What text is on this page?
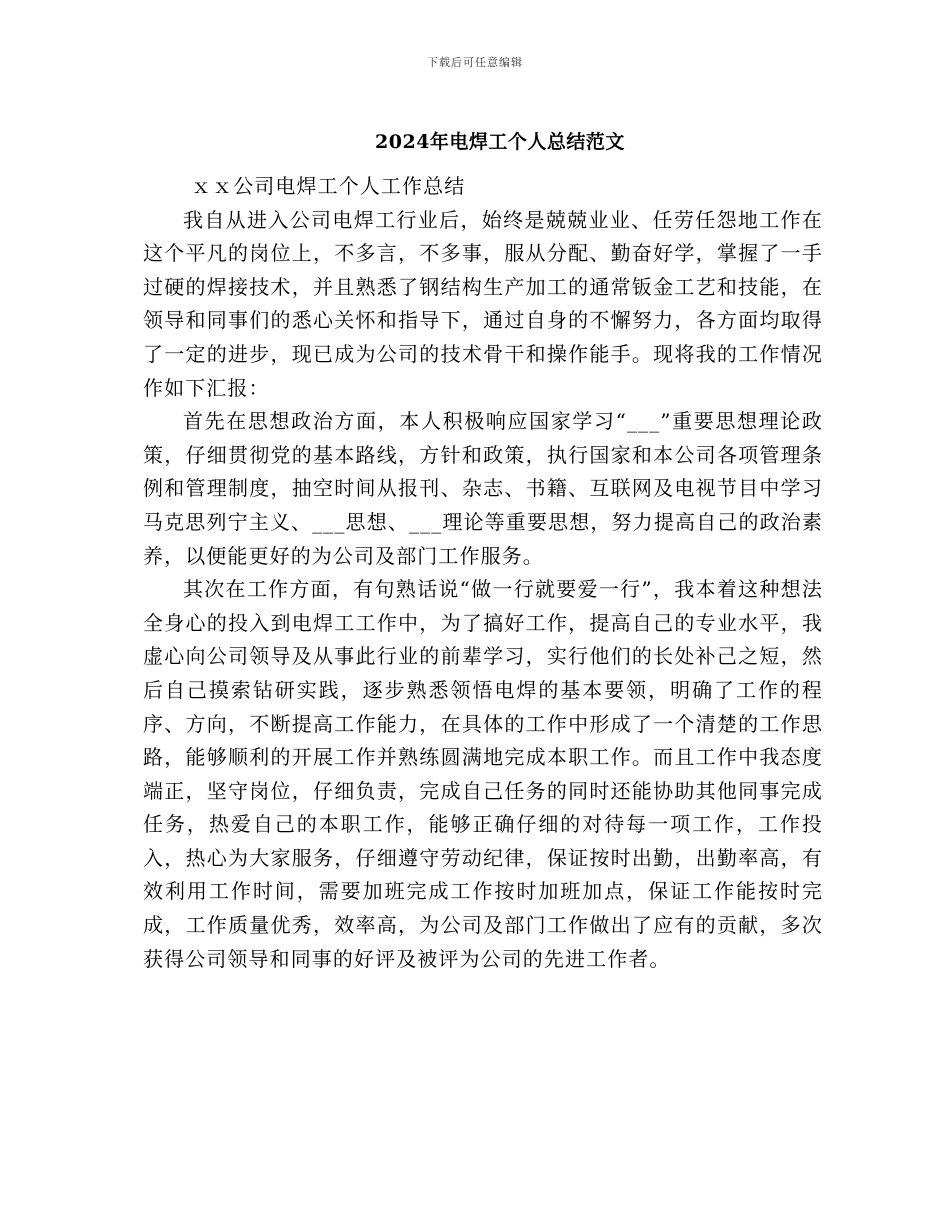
下载后可任意编辑
2024年电焊工个人总结范文

ｘｘ公司电焊工个人工作总结

我自从进入公司电焊工行业后，始终是兢兢业业、任劳任怨地工作在这个平凡的岗位上，不多言，不多事，服从分配、勤奋好学，掌握了一手过硬的焊接技术，并且熟悉了钢结构生产加工的通常钣金工艺和技能，在领导和同事们的悉心关怀和指导下，通过自身的不懈努力，各方面均取得了一定的进步，现已成为公司的技术骨干和操作能手。现将我的工作情况作如下汇报：

首先在思想政治方面，本人积极响应国家学习“___”重要思想理论政策，仔细贯彻党的基本路线，方针和政策，执行国家和本公司各项管理条例和管理制度，抽空时间从报刊、杂志、书籍、互联网及电视节目中学习马克思列宁主义、___思想、___理论等重要思想，努力提高自己的政治素养，以便能更好的为公司及部门工作服务。

其次在工作方面，有句熟话说“做一行就要爱一行”，我本着这种想法全身心的投入到电焊工工作中，为了搞好工作，提高自己的专业水平，我虚心向公司领导及从事此行业的前辈学习，实行他们的长处补己之短，然后自己摸索钻研实践，逐步熟悉领悟电焊的基本要领，明确了工作的程序、方向，不断提高工作能力，在具体的工作中形成了一个清楚的工作思路，能够顺利的开展工作并熟练圆满地完成本职工作。而且工作中我态度端正，坚守岗位，仔细负责，完成自己任务的同时还能协助其他同事完成任务，热爱自己的本职工作，能够正确仔细的对待每一项工作，工作投入，热心为大家服务，仔细遵守劳动纪律，保证按时出勤，出勤率高，有效利用工作时间，需要加班完成工作按时加班加点，保证工作能按时完成，工作质量优秀，效率高，为公司及部门工作做出了应有的贡献，多次获得公司领导和同事的好评及被评为公司的先进工作者。
